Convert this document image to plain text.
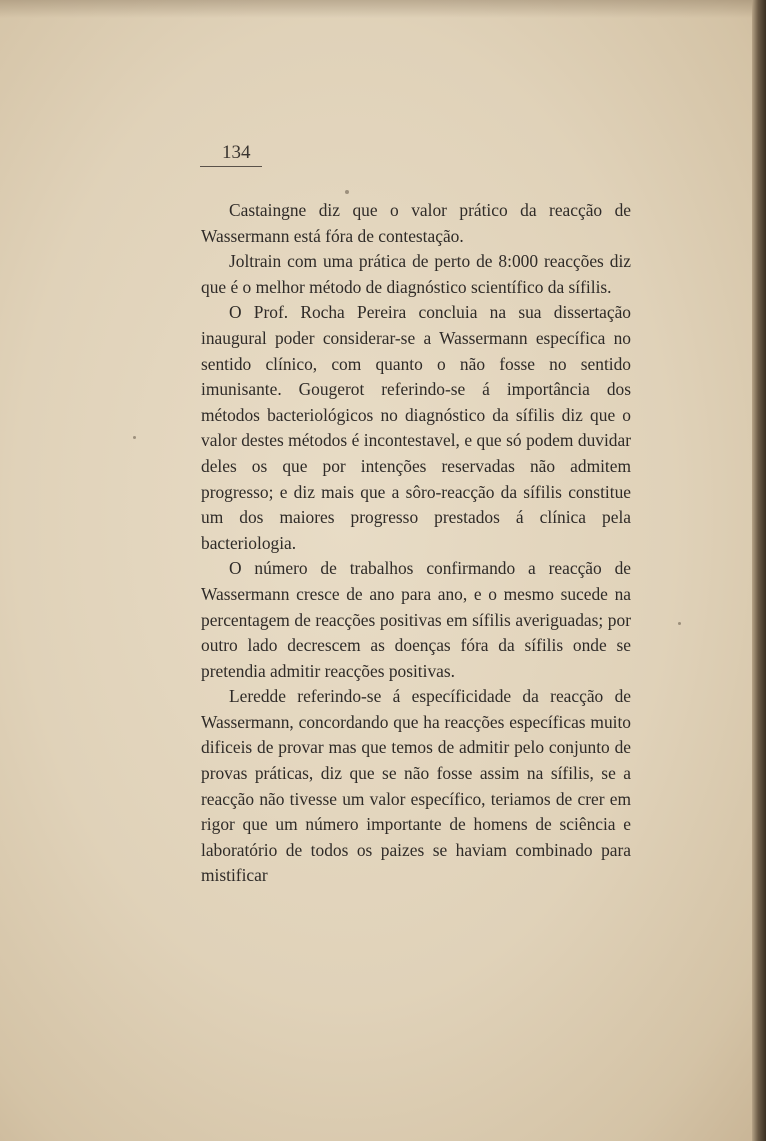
134

Castaingne diz que o valor prático da reacção de Wassermann está fóra de contestação.

Joltrain com uma prática de perto de 8:000 reacções diz que é o melhor método de diagnóstico scientífico da sífilis.

O Prof. Rocha Pereira concluia na sua dissertação inaugural poder considerar-se a Wassermann específica no sentido clínico, com quanto o não fosse no sentido imunisante. Gougerot referindo-se á importância dos métodos bacteriológicos no diagnóstico da sífilis diz que o valor destes métodos é incontestavel, e que só podem duvidar deles os que por intenções reservadas não admitem progresso; e diz mais que a sôro-reacção da sífilis constitue um dos maiores progresso prestados á clínica pela bacteriologia.

O número de trabalhos confirmando a reacção de Wassermann cresce de ano para ano, e o mesmo sucede na percentagem de reacções positivas em sífilis averiguadas; por outro lado decrescem as doenças fóra da sífilis onde se pretendia admitir reacções positivas.

Leredde referindo-se á específicidade da reacção de Wassermann, concordando que ha reacções específicas muito dificeis de provar mas que temos de admitir pelo conjunto de provas práticas, diz que se não fosse assim na sífilis, se a reacção não tivesse um valor específico, teriamos de crer em rigor que um número importante de homens de sciência e laboratório de todos os paizes se haviam combinado para mistificar
